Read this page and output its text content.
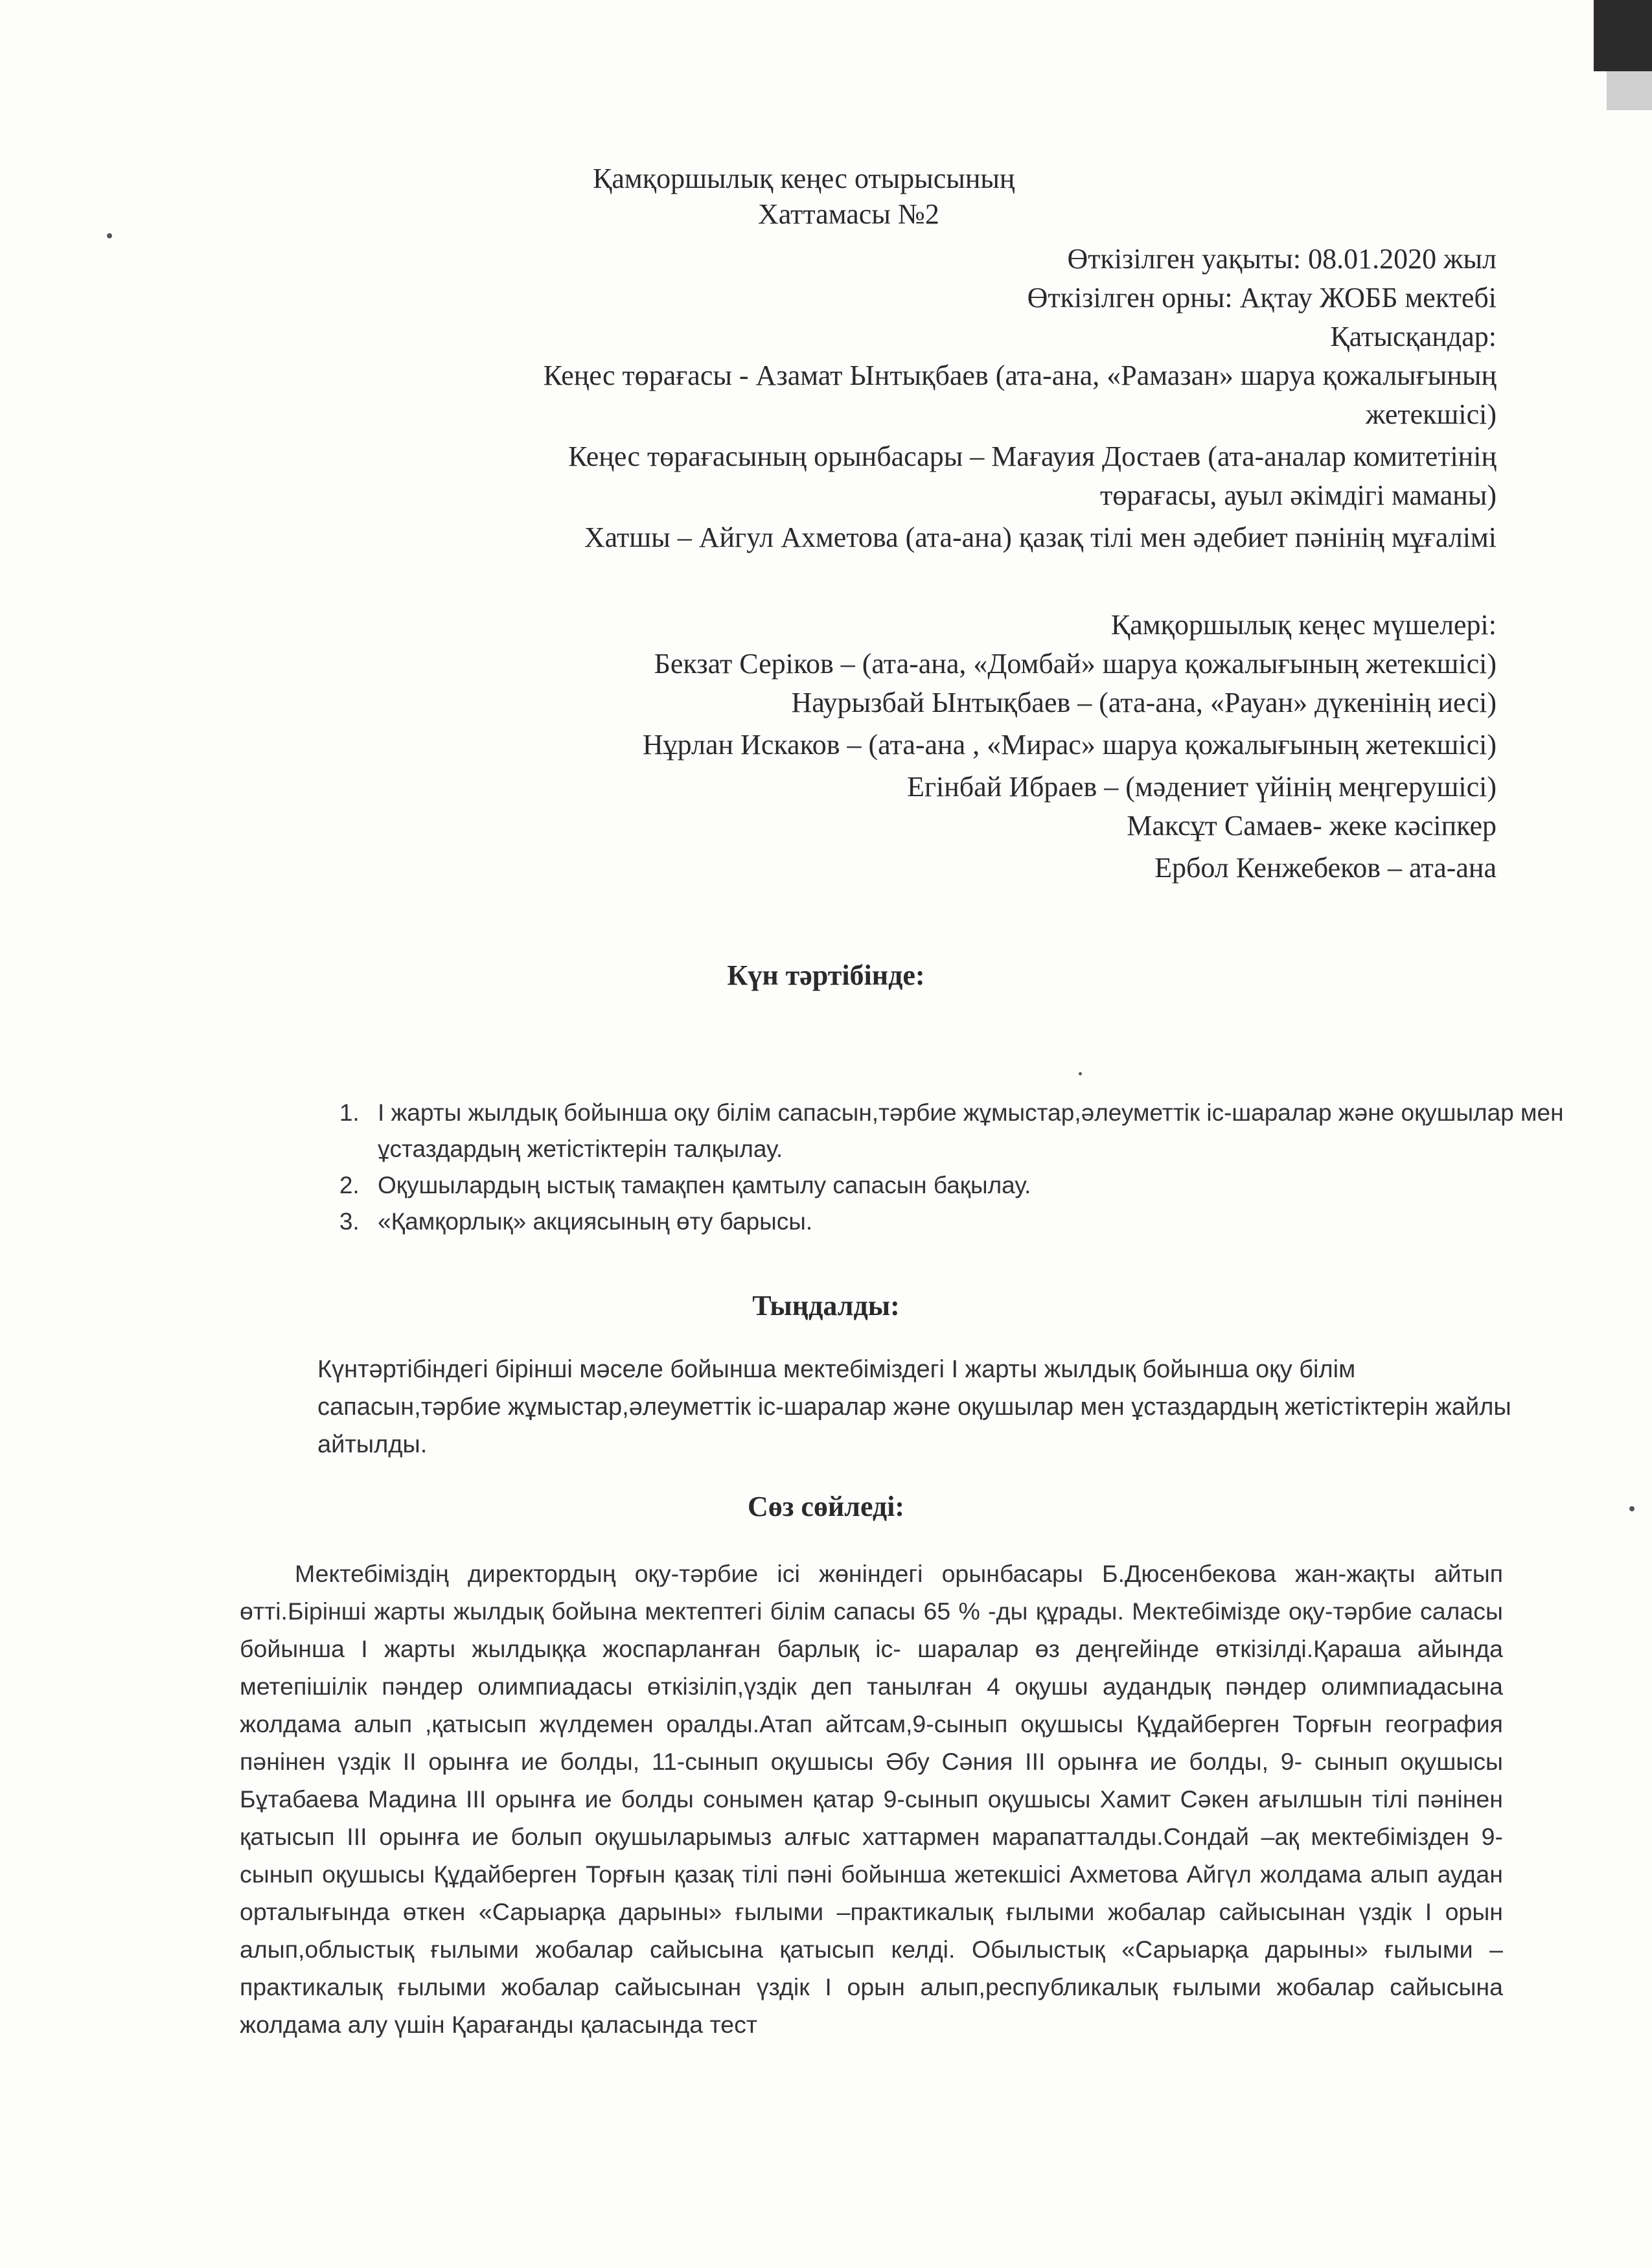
Қамқоршылық кеңес отырысының
Хаттамасы №2
Өткізілген уақыты: 08.01.2020 жыл
Өткізілген орны: Ақтау ЖОББ мектебі
Қатысқандар:
Кеңес төрағасы - Азамат Ынтықбаев (ата-ана, «Рамазан» шаруа қожалығының
жетекшісі)
Кеңес төрағасының орынбасары – Мағауия Достаев (ата-аналар комитетінің
төрағасы, ауыл әкімдігі маманы)
Хатшы – Айгул Ахметова (ата-ана) қазақ тілі мен әдебиет пәнінің мұғалімі
Қамқоршылық кеңес мүшелері:
Бекзат Серіков – (ата-ана, «Домбай» шаруа қожалығының жетекшісі)
Наурызбай Ынтықбаев – (ата-ана, «Рауан» дүкенінің иесі)
Нұрлан Искаков – (ата-ана , «Мирас» шаруа қожалығының жетекшісі)
Егінбай Ибраев – (мәдениет үйінің меңгерушісі)
Максұт Самаев- жеке кәсіпкер
Ербол Кенжебеков – ата-ана
Күн тәртібінде:
1. І жарты жылдық бойынша оқу білім сапасын,тәрбие жұмыстар,әлеуметтік іс-шаралар және оқушылар мен ұстаздардың жетістіктерін талқылау.
2. Оқушылардың ыстық тамақпен қамтылу сапасын бақылау.
3. «Қамқорлық» акциясының өту барысы.
Тыңдалды:
Күнтәртібіндегі бірінші мәселе бойынша мектебіміздегі І жарты жылдық бойынша оқу білім сапасын,тәрбие жұмыстар,әлеуметтік іс-шаралар және оқушылар мен ұстаздардың жетістіктерін жайлы айтылды.
Сөз сөйледі:
Мектебіміздің директордың оқу-тәрбие ісі жөніндегі орынбасары Б.Дюсенбекова жан-жақты айтып өтті.Бірінші жарты жылдық бойына мектептегі білім сапасы 65 % -ды құрады. Мектебімізде оқу-тәрбие саласы бойынша І жарты жылдыққа жоспарланған барлық іс- шаралар өз деңгейінде өткізілді.Қараша айында метепішілік пәндер олимпиадасы өткізіліп,үздік деп танылған 4 оқушы аудандық пәндер олимпиадасына жолдама алып ,қатысып жүлдемен оралды.Атап айтсам,9-сынып оқушысы Құдайберген Торғын география пәнінен үздік ІІ орынға ие болды, 11-сынып оқушысы Әбу Сәния ІІІ орынға ие болды, 9- сынып оқушысы Бұтабаева Мадина ІІІ орынға ие болды сонымен қатар 9-сынып оқушысы Хамит Сәкен ағылшын тілі пәнінен қатысып ІІІ орынға ие болып оқушыларымыз алғыс хаттармен марапатталды.Сондай –ақ мектебімізден 9-сынып оқушысы Құдайберген Торғын қазақ тілі пәні бойынша жетекшісі Ахметова Айгүл жолдама алып аудан орталығында өткен «Сарыарқа дарыны» ғылыми –практикалық ғылыми жобалар сайысынан үздік І орын алып,облыстық ғылыми жобалар сайысына қатысып келді. Обылыстық «Сарыарқа дарыны» ғылыми –практикалық ғылыми жобалар сайысынан үздік І орын алып,республикалық ғылыми жобалар сайысына жолдама алу үшін Қарағанды қаласында тест
